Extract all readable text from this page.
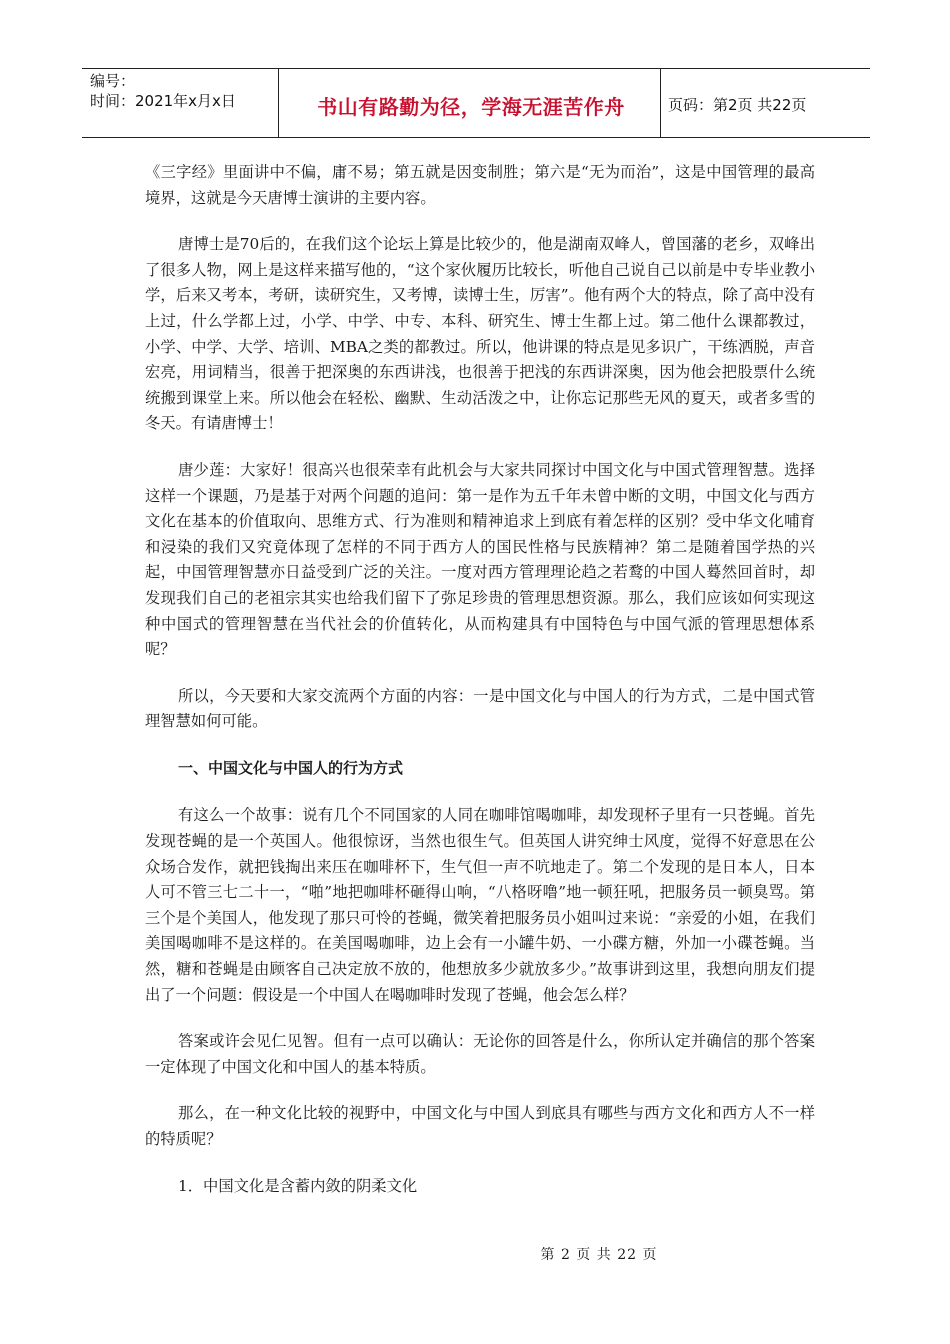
编号：
时间：2021年x月x日	书山有路勤为径，学海无涯苦作舟	页码：第2页 共22页

《三字经》里面讲中不偏，庸不易；第五就是因变制胜；第六是“无为而治”，这是中国管理的最高境界，这就是今天唐博士演讲的主要内容。

唐博士是70后的，在我们这个论坛上算是比较少的，他是湖南双峰人，曾国藩的老乡，双峰出了很多人物，网上是这样来描写他的，“这个家伙履历比较长，听他自己说自己以前是中专毕业教小学，后来又考本，考研，读研究生，又考博，读博士生，厉害”。他有两个大的特点，除了高中没有上过，什么学都上过，小学、中学、中专、本科、研究生、博士生都上过。第二他什么课都教过，小学、中学、大学、培训、MBA之类的都教过。所以，他讲课的特点是见多识广，干练洒脱，声音宏亮，用词精当，很善于把深奥的东西讲浅，也很善于把浅的东西讲深奥，因为他会把股票什么统统搬到课堂上来。所以他会在轻松、幽默、生动活泼之中，让你忘记那些无风的夏天，或者多雪的冬天。有请唐博士！

唐少莲：大家好！很高兴也很荣幸有此机会与大家共同探讨中国文化与中国式管理智慧。选择这样一个课题，乃是基于对两个问题的追问：第一是作为五千年未曾中断的文明，中国文化与西方文化在基本的价值取向、思维方式、行为准则和精神追求上到底有着怎样的区别？受中华文化哺育和浸染的我们又究竟体现了怎样的不同于西方人的国民性格与民族精神？第二是随着国学热的兴起，中国管理智慧亦日益受到广泛的关注。一度对西方管理理论趋之若鹜的中国人蓦然回首时，却发现我们自己的老祖宗其实也给我们留下了弥足珍贵的管理思想资源。那么，我们应该如何实现这种中国式的管理智慧在当代社会的价值转化，从而构建具有中国特色与中国气派的管理思想体系呢？

所以，今天要和大家交流两个方面的内容：一是中国文化与中国人的行为方式，二是中国式管理智慧如何可能。

一、中国文化与中国人的行为方式

有这么一个故事：说有几个不同国家的人同在咖啡馆喝咖啡，却发现杯子里有一只苍蝇。首先发现苍蝇的是一个英国人。他很惊讶，当然也很生气。但英国人讲究绅士风度，觉得不好意思在公众场合发作，就把钱掏出来压在咖啡杯下，生气但一声不吭地走了。第二个发现的是日本人，日本人可不管三七二十一，“啪”地把咖啡杯砸得山响，“八格呀噜”地一顿狂吼，把服务员一顿臭骂。第三个是个美国人，他发现了那只可怜的苍蝇，微笑着把服务员小姐叫过来说：“亲爱的小姐，在我们美国喝咖啡不是这样的。在美国喝咖啡，边上会有一小罐牛奶、一小碟方糖，外加一小碟苍蝇。当然，糖和苍蝇是由顾客自己决定放不放的，他想放多少就放多少。”故事讲到这里，我想向朋友们提出了一个问题：假设是一个中国人在喝咖啡时发现了苍蝇，他会怎么样？

答案或许会见仁见智。但有一点可以确认：无论你的回答是什么，你所认定并确信的那个答案一定体现了中国文化和中国人的基本特质。

那么，在一种文化比较的视野中，中国文化与中国人到底具有哪些与西方文化和西方人不一样的特质呢？

1．中国文化是含蓄内敛的阴柔文化

第 2 页 共 22 页
